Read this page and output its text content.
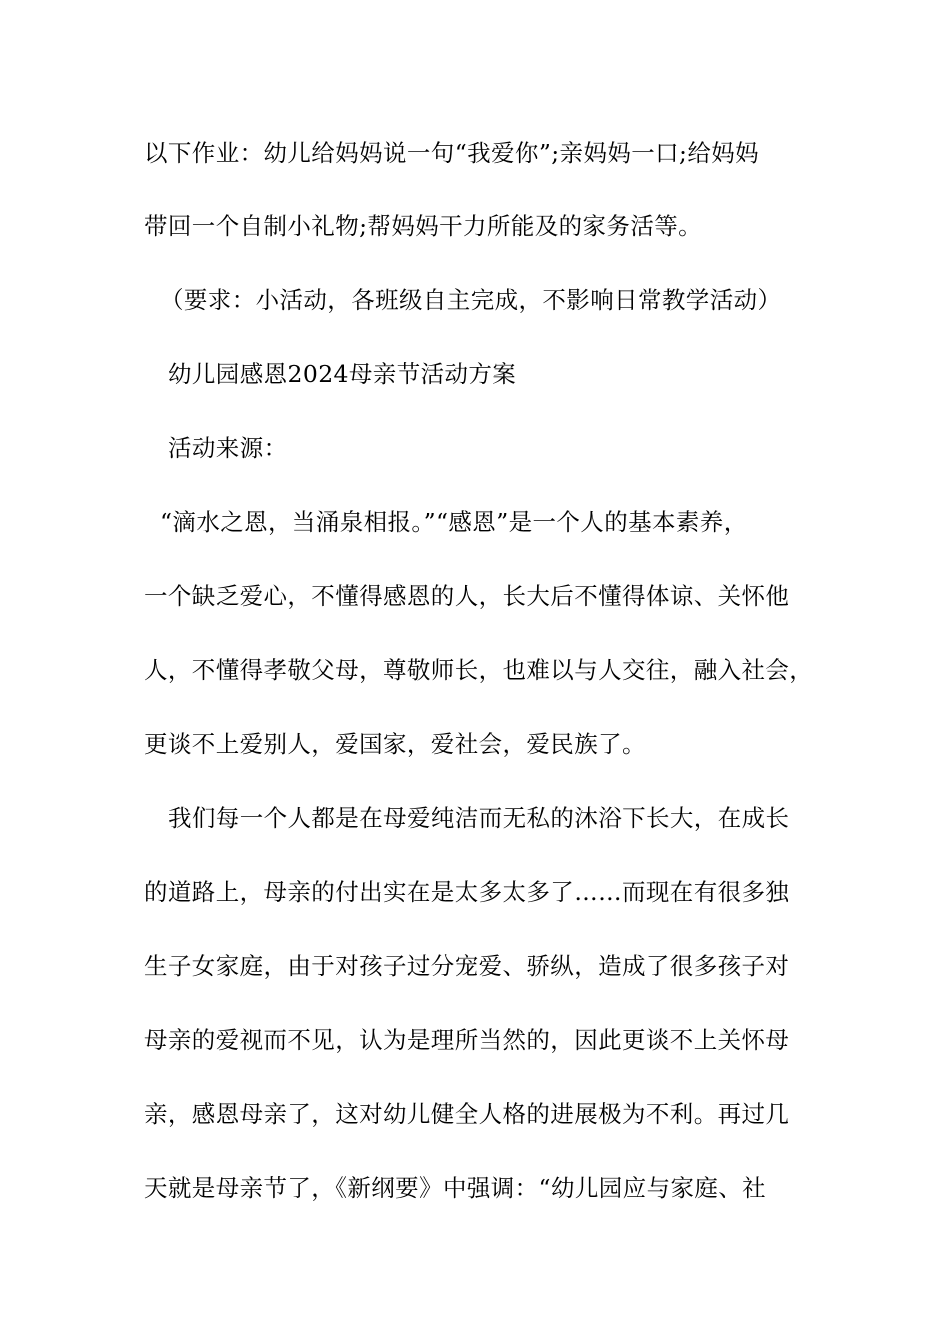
以下作业：幼儿给妈妈说一句“我爱你”;亲妈妈一口;给妈妈
带回一个自制小礼物;帮妈妈干力所能及的家务活等。
（要求：小活动，各班级自主完成，不影响日常教学活动）
幼儿园感恩2024母亲节活动方案
活动来源：
“滴水之恩，当涌泉相报。”“感恩”是一个人的基本素养，
一个缺乏爱心，不懂得感恩的人，长大后不懂得体谅、关怀他
人，不懂得孝敬父母，尊敬师长，也难以与人交往，融入社会，
更谈不上爱别人，爱国家，爱社会，爱民族了。
我们每一个人都是在母爱纯洁而无私的沐浴下长大，在成长
的道路上，母亲的付出实在是太多太多了……而现在有很多独
生子女家庭，由于对孩子过分宠爱、骄纵，造成了很多孩子对
母亲的爱视而不见，认为是理所当然的，因此更谈不上关怀母
亲，感恩母亲了，这对幼儿健全人格的进展极为不利。再过几
天就是母亲节了，《新纲要》中强调：“幼儿园应与家庭、社
